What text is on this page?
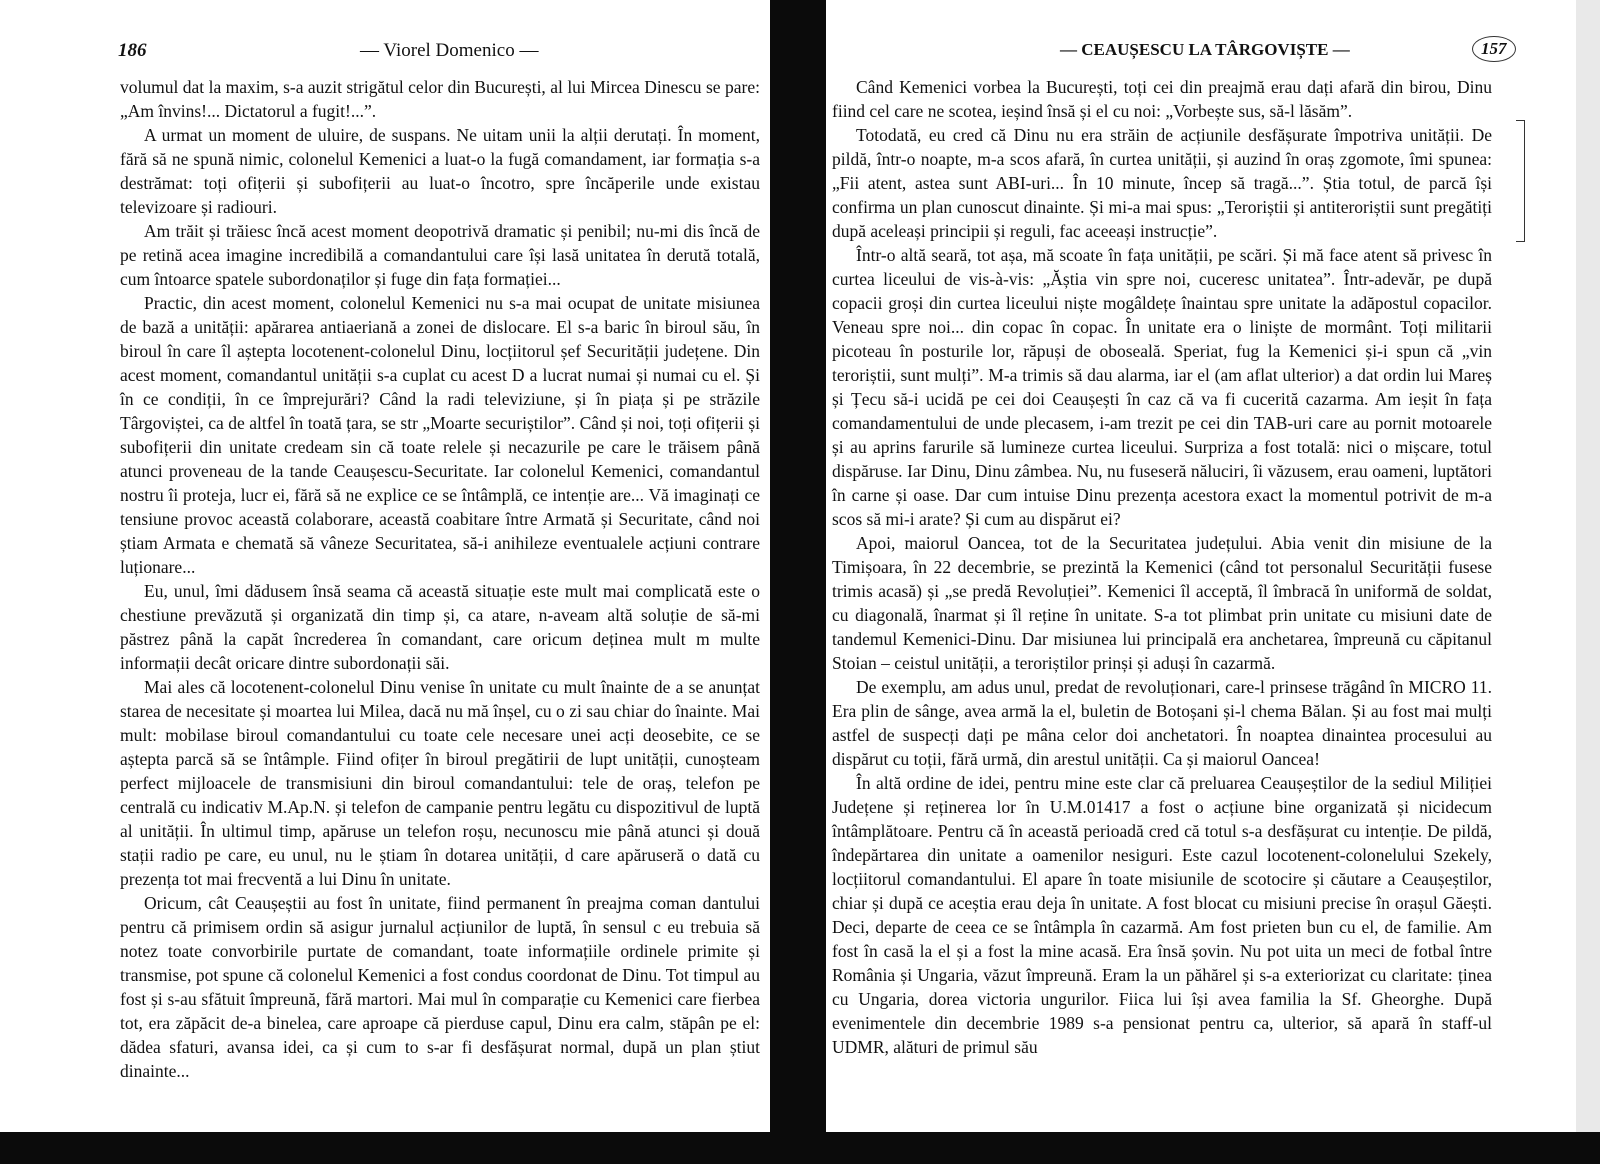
186	— Viorel Domenico —

volumul dat la maxim, s-a auzit strigătul celor din București, al lui Mircea Dinescu se pare: „Am învins!... Dictatorul a fugit!...”.

A urmat un moment de uluire, de suspans. Ne uitam unii la alții derutați. În moment, fără să ne spună nimic, colonelul Kemenici a luat-o la fugă comandament, iar formația s-a destrămat: toți ofițerii și subofițerii au luat-o încotro, spre încăperile unde existau televizoare și radiouri.

Am trăit și trăiesc încă acest moment deopotrivă dramatic și penibil; nu-mi dis încă de pe retină acea imagine incredibilă a comandantului care își lasă unitatea în derută totală, cum întoarce spatele subordonaților și fuge din fața formației...

Practic, din acest moment, colonelul Kemenici nu s-a mai ocupat de unitate misiunea de bază a unității: apărarea antiaeriană a zonei de dislocare. El s-a baric în biroul său, în biroul în care îl aștepta locotenent-colonelul Dinu, locțiitorul șef Securității județene. Din acest moment, comandantul unității s-a cuplat cu acest D a lucrat numai și numai cu el. Și în ce condiții, în ce împrejurări? Când la radi televiziune, și în piața și pe străzile Târgoviștei, ca de altfel în toată țara, se str „Moarte securiștilor”. Când și noi, toți ofițerii și subofițerii din unitate credeam sin că toate relele și necazurile pe care le trăisem până atunci proveneau de la tande Ceaușescu-Securitate. Iar colonelul Kemenici, comandantul nostru îi proteja, lucr ei, fără să ne explice ce se întâmplă, ce intenție are... Vă imaginați ce tensiune provoc această colaborare, această coabitare între Armată și Securitate, când noi știam Armata e chemată să vâneze Securitatea, să-i anihileze eventualele acțiuni contrare luționare...

Eu, unul, îmi dădusem însă seama că această situație este mult mai complicată este o chestiune prevăzută și organizată din timp și, ca atare, n-aveam altă soluție de să-mi păstrez până la capăt încrederea în comandant, care oricum deținea mult m multe informații decât oricare dintre subordonații săi.

Mai ales că locotenent-colonelul Dinu venise în unitate cu mult înainte de a se anunțat starea de necesitate și moartea lui Milea, dacă nu mă înșel, cu o zi sau chiar do înainte. Mai mult: mobilase biroul comandantului cu toate cele necesare unei acți deosebite, ce se aștepta parcă să se întâmple. Fiind ofițer în biroul pregătirii de lupt unității, cunoșteam perfect mijloacele de transmisiuni din biroul comandantului: tele de oraș, telefon pe centrală cu indicativ M.Ap.N. și telefon de campanie pentru legătu cu dispozitivul de luptă al unității. În ultimul timp, apăruse un telefon roșu, necunoscu mie până atunci și două stații radio pe care, eu unul, nu le știam în dotarea unității, d care apăruseră o dată cu prezența tot mai frecventă a lui Dinu în unitate.

Oricum, cât Ceaușeștii au fost în unitate, fiind permanent în preajma coman dantului pentru că primisem ordin să asigur jurnalul acțiunilor de luptă, în sensul c eu trebuia să notez toate convorbirile purtate de comandant, toate informațiile ordinele primite și transmise, pot spune că colonelul Kemenici a fost condus coordonat de Dinu. Tot timpul au fost și s-au sfătuit împreună, fără martori. Mai mul în comparație cu Kemenici care fierbea tot, era zăpăcit de-a binelea, care aproape că pierduse capul, Dinu era calm, stăpân pe el: dădea sfaturi, avansa idei, ca și cum to s-ar fi desfășurat normal, după un plan știut dinainte...

— CEAUȘESCU LA TÂRGOVIȘTE —	157

Când Kemenici vorbea la București, toți cei din preajmă erau dați afară din birou, Dinu fiind cel care ne scotea, ieșind însă și el cu noi: „Vorbește sus, să-l lăsăm”.

Totodată, eu cred că Dinu nu era străin de acțiunile desfășurate împotriva unității. De pildă, într-o noapte, m-a scos afară, în curtea unității, și auzind în oraș zgomote, îmi spunea: „Fii atent, astea sunt ABI-uri... În 10 minute, încep să tragă...”. Știa totul, de parcă își confirma un plan cunoscut dinainte. Și mi-a mai spus: „Teroriștii și antiteroriștii sunt pregătiți după aceleași principii și reguli, fac aceeași instrucție”.

Într-o altă seară, tot așa, mă scoate în fața unității, pe scări. Și mă face atent să privesc în curtea liceului de vis-à-vis: „Ăștia vin spre noi, cuceresc unitatea”. Într-adevăr, pe după copacii groși din curtea liceului niște mogâldețe înaintau spre unitate la adăpostul copacilor. Veneau spre noi... din copac în copac. În unitate era o liniște de mormânt. Toți militarii picoteau în posturile lor, răpuși de oboseală. Speriat, fug la Kemenici și-i spun că „vin teroriștii, sunt mulți”. M-a trimis să dau alarma, iar el (am aflat ulterior) a dat ordin lui Mareș și Țecu să-i ucidă pe cei doi Ceaușești în caz că va fi cucerită cazarma. Am ieșit în fața comandamentului de unde plecasem, i-am trezit pe cei din TAB-uri care au pornit motoarele și au aprins farurile să lumineze curtea liceului. Surpriza a fost totală: nici o mișcare, totul dispăruse. Iar Dinu, Dinu zâmbea. Nu, nu fuseseră năluciri, îi văzusem, erau oameni, luptători în carne și oase. Dar cum intuise Dinu prezența acestora exact la momentul potrivit de m-a scos să mi-i arate? Și cum au dispărut ei?

Apoi, maiorul Oancea, tot de la Securitatea județului. Abia venit din misiune de la Timișoara, în 22 decembrie, se prezintă la Kemenici (când tot personalul Securității fusese trimis acasă) și „se predă Revoluției”. Kemenici îl acceptă, îl îmbracă în uniformă de soldat, cu diagonală, înarmat și îl reține în unitate. S-a tot plimbat prin unitate cu misiuni date de tandemul Kemenici-Dinu. Dar misiunea lui principală era anchetarea, împreună cu căpitanul Stoian – ceistul unității, a teroriștilor prinși și aduși în cazarmă.

De exemplu, am adus unul, predat de revoluționari, care-l prinsese trăgând în MICRO 11. Era plin de sânge, avea armă la el, buletin de Botoșani și-l chema Bălan. Și au fost mai mulți astfel de suspecți dați pe mâna celor doi anchetatori. În noaptea dinaintea procesului au dispărut cu toții, fără urmă, din arestul unității. Ca și maiorul Oancea!

În altă ordine de idei, pentru mine este clar că preluarea Ceaușeștilor de la sediul Miliției Județene și reținerea lor în U.M.01417 a fost o acțiune bine organizată și nicidecum întâmplătoare. Pentru că în această perioadă cred că totul s-a desfășurat cu intenție. De pildă, îndepărtarea din unitate a oamenilor nesiguri. Este cazul locotenent-colonelului Szekely, locțiitorul comandantului. El apare în toate misiunile de scotocire și căutare a Ceaușeștilor, chiar și după ce aceștia erau deja în unitate. A fost blocat cu misiuni precise în orașul Găești. Deci, departe de ceea ce se întâmpla în cazarmă. Am fost prieten bun cu el, de familie. Am fost în casă la el și a fost la mine acasă. Era însă șovin. Nu pot uita un meci de fotbal între România și Ungaria, văzut împreună. Eram la un păhărel și s-a exteriorizat cu claritate: ținea cu Ungaria, dorea victoria ungurilor. Fiica lui își avea familia la Sf. Gheorghe. După evenimentele din decembrie 1989 s-a pensionat pentru ca, ulterior, să apară în staff-ul UDMR, alături de primul său
